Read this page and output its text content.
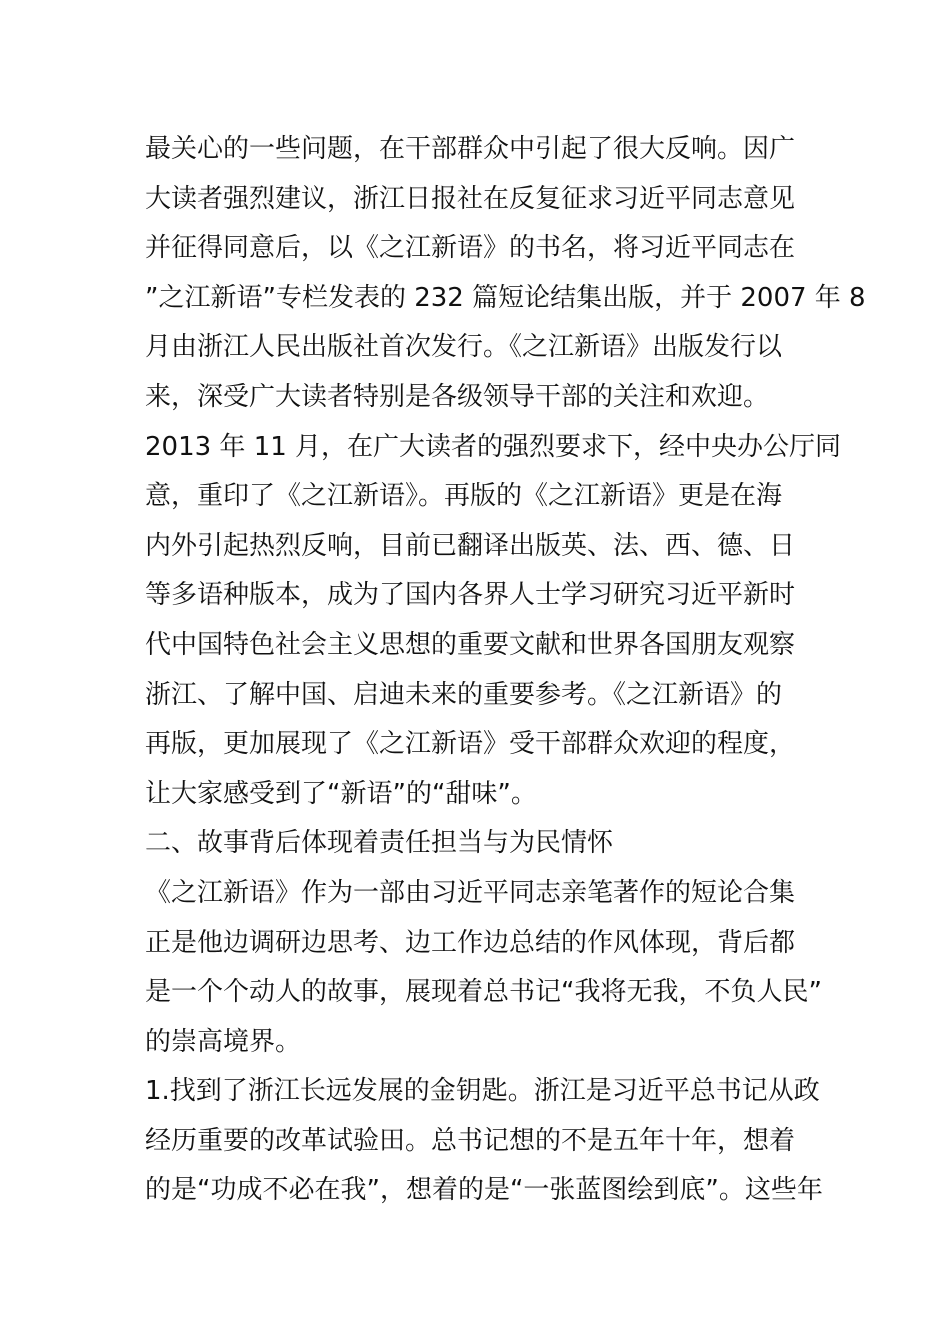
最关心的一些问题，在干部群众中引起了很大反响。因广
大读者强烈建议，浙江日报社在反复征求习近平同志意见
并征得同意后，以《之江新语》的书名，将习近平同志在
”之江新语”专栏发表的 232 篇短论结集出版，并于 2007 年 8
月由浙江人民出版社首次发行。《之江新语》出版发行以
来，深受广大读者特别是各级领导干部的关注和欢迎。
2013 年 11 月，在广大读者的强烈要求下，经中央办公厅同
意，重印了《之江新语》。再版的《之江新语》更是在海
内外引起热烈反响，目前已翻译出版英、法、西、德、日
等多语种版本，成为了国内各界人士学习研究习近平新时
代中国特色社会主义思想的重要文献和世界各国朋友观察
浙江、了解中国、启迪未来的重要参考。《之江新语》的
再版，更加展现了《之江新语》受干部群众欢迎的程度，
让大家感受到了“新语”的“甜味”。
二、故事背后体现着责任担当与为民情怀
《之江新语》作为一部由习近平同志亲笔著作的短论合集
正是他边调研边思考、边工作边总结的作风体现，背后都
是一个个动人的故事，展现着总书记“我将无我，不负人民”
的崇高境界。
1.找到了浙江长远发展的金钥匙。浙江是习近平总书记从政
经历重要的改革试验田。总书记想的不是五年十年，想着
的是“功成不必在我”，想着的是“一张蓝图绘到底”。这些年
